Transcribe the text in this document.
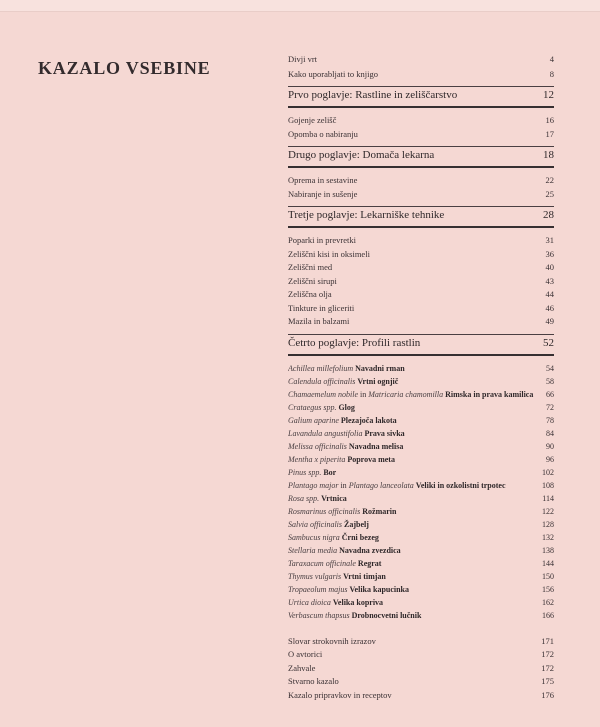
KAZALO VSEBINE	Divji vrt	4
Kako uporabljati to knjigo	8
Prvo poglavje: Rastline in zeliščarstvo	12
Gojenje zelišč	16
Opomba o nabiranju	17
Drugo poglavje: Domača lekarna	18
Oprema in sestavine	22
Nabiranje in sušenje	25
Tretje poglavje: Lekarniške tehnike	28
Poparki in prevretki	31
Zeliščni kisi in oksimeli	36
Zeliščni med	40
Zeliščni sirupi	43
Zeliščna olja	44
Tinkture in gliceriti	46
Mazila in balzami	49
Četrto poglavje: Profili rastlin	52
Achillea millefolium Navadni rman	54
Calendula officinalis Vrtni ognjič	58
Chamaemelum nobile in Matricaria chamomilla Rimska in prava kamilica	66
Crataegus spp. Glog	72
Galium aparine Plezajoča lakota	78
Lavandula angustifolia Prava sivka	84
Melissa officinalis Navadna melisa	90
Mentha x piperita Poprova meta	96
Pinus spp. Bor	102
Plantago major in Plantago lanceolata Veliki in ozkolistni trpotec	108
Rosa spp. Vrtnica	114
Rosmarinus officinalis Rožmarin	122
Salvia officinalis Žajbelj	128
Sambucus nigra Črni bezeg	132
Stellaria media Navadna zvezdica	138
Taraxacum officinale Regrat	144
Thymus vulgaris Vrtni timjan	150
Tropaeolum majus Velika kapucinka	156
Urtica dioica Velika kopriva	162
Verbascum thapsus Drobnocvetni lučnik	166
Slovar strokovnih izrazov	171
O avtorici	172
Zahvale	172
Stvarno kazalo	175
Kazalo pripravkov in receptov	176
